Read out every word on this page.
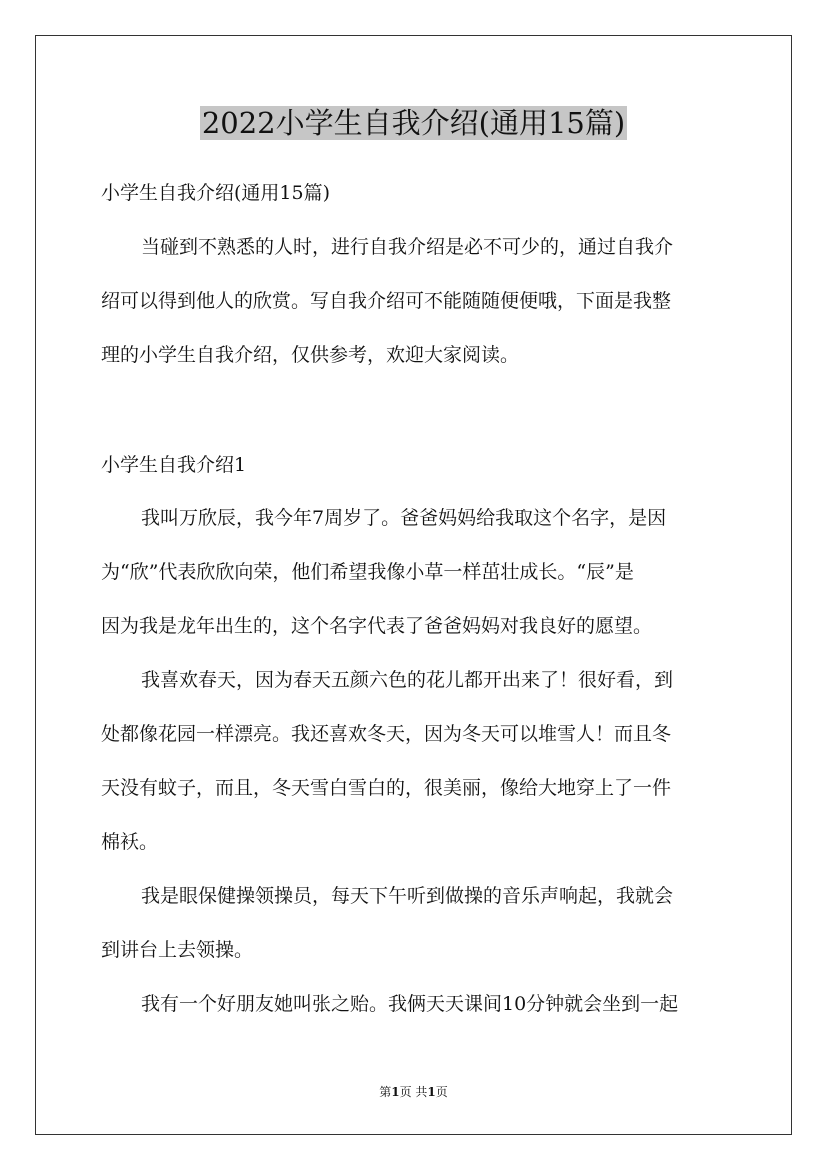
2022小学生自我介绍(通用15篇)

小学生自我介绍(通用15篇)

当碰到不熟悉的人时，进行自我介绍是必不可少的，通过自我介

绍可以得到他人的欣赏。写自我介绍可不能随随便便哦，下面是我整

理的小学生自我介绍，仅供参考，欢迎大家阅读。

小学生自我介绍1

我叫万欣辰，我今年7周岁了。爸爸妈妈给我取这个名字，是因

为“欣”代表欣欣向荣，他们希望我像小草一样茁壮成长。“辰”是

因为我是龙年出生的，这个名字代表了爸爸妈妈对我良好的愿望。

我喜欢春天，因为春天五颜六色的花儿都开出来了！很好看，到

处都像花园一样漂亮。我还喜欢冬天，因为冬天可以堆雪人！而且冬

天没有蚊子，而且，冬天雪白雪白的，很美丽，像给大地穿上了一件

棉袄。

我是眼保健操领操员，每天下午听到做操的音乐声响起，我就会

到讲台上去领操。

我有一个好朋友她叫张之贻。我俩天天课间10分钟就会坐到一起

第1页 共1页
